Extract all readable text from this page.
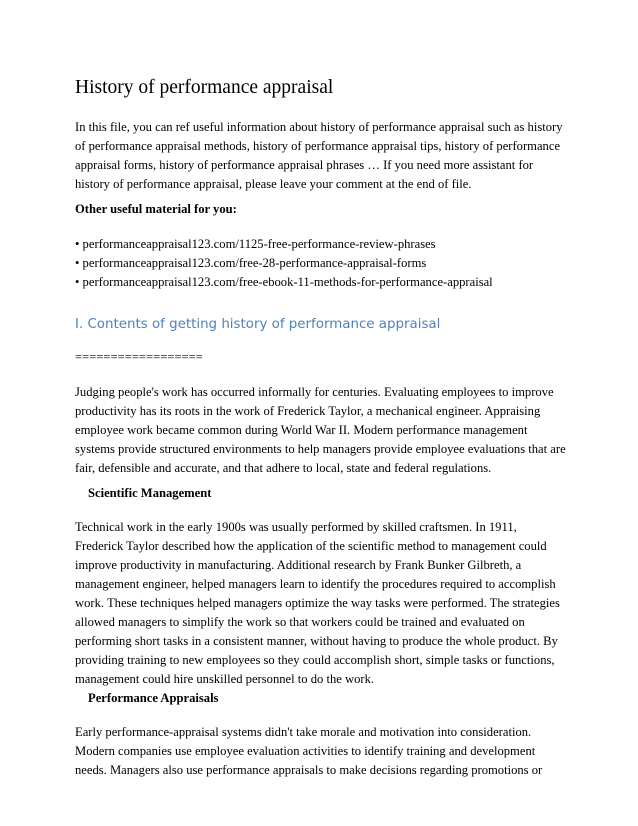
History of performance appraisal
In this file, you can ref useful information about history of performance appraisal such as history
of performance appraisal methods, history of performance appraisal tips, history of performance
appraisal forms, history of performance appraisal phrases … If you need more assistant for
history of performance appraisal, please leave your comment at the end of file.
Other useful material for you:
• performanceappraisal123.com/1125-free-performance-review-phrases
• performanceappraisal123.com/free-28-performance-appraisal-forms
• performanceappraisal123.com/free-ebook-11-methods-for-performance-appraisal
I. Contents of getting history of performance appraisal
==================
Judging people's work has occurred informally for centuries. Evaluating employees to improve
productivity has its roots in the work of Frederick Taylor, a mechanical engineer. Appraising
employee work became common during World War II. Modern performance management
systems provide structured environments to help managers provide employee evaluations that are
fair, defensible and accurate, and that adhere to local, state and federal regulations.
Scientific Management
Technical work in the early 1900s was usually performed by skilled craftsmen. In 1911,
Frederick Taylor described how the application of the scientific method to management could
improve productivity in manufacturing. Additional research by Frank Bunker Gilbreth, a
management engineer, helped managers learn to identify the procedures required to accomplish
work. These techniques helped managers optimize the way tasks were performed. The strategies
allowed managers to simplify the work so that workers could be trained and evaluated on
performing short tasks in a consistent manner, without having to produce the whole product. By
providing training to new employees so they could accomplish short, simple tasks or functions,
management could hire unskilled personnel to do the work.
Performance Appraisals
Early performance-appraisal systems didn't take morale and motivation into consideration.
Modern companies use employee evaluation activities to identify training and development
needs. Managers also use performance appraisals to make decisions regarding promotions or
